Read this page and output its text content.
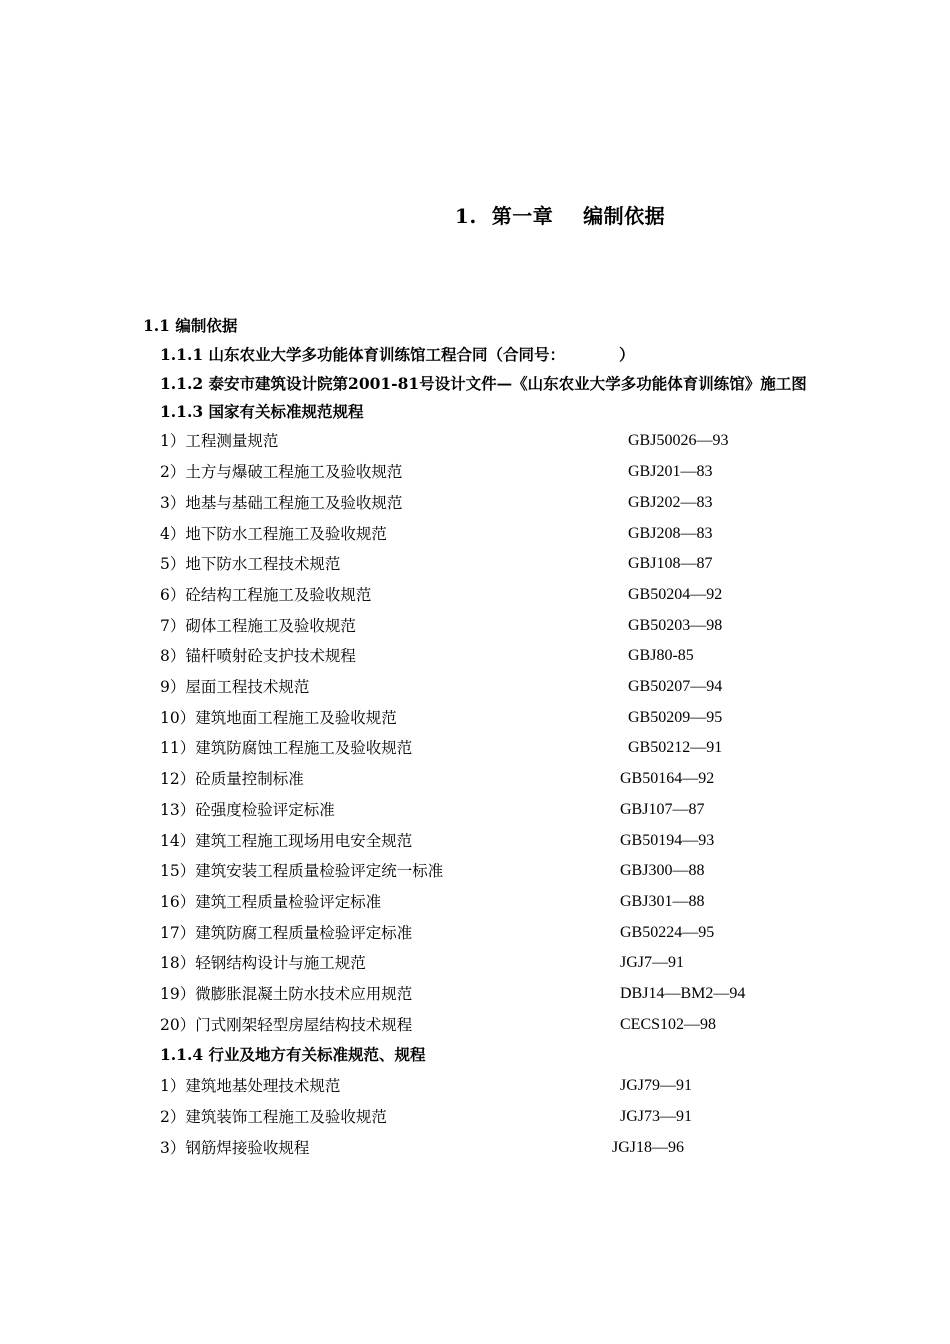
1.  第一章    编制依据
1.1 编制依据
1.1.1 山东农业大学多功能体育训练馆工程合同（合同号：          ）
1.1.2 泰安市建筑设计院第2001-81号设计文件—《山东农业大学多功能体育训练馆》施工图
1.1.3 国家有关标准规范规程
1）工程测量规范	GBJ50026—93
2）土方与爆破工程施工及验收规范	GBJ201—83
3）地基与基础工程施工及验收规范	GBJ202—83
4）地下防水工程施工及验收规范	GBJ208—83
5）地下防水工程技术规范	GBJ108—87
6）砼结构工程施工及验收规范	GB50204—92
7）砌体工程施工及验收规范	GB50203—98
8）锚杆喷射砼支护技术规程	GBJ80-85
9）屋面工程技术规范	GB50207—94
10）建筑地面工程施工及验收规范	GB50209—95
11）建筑防腐蚀工程施工及验收规范	GB50212—91
12）砼质量控制标准	GB50164—92
13）砼强度检验评定标准	GBJ107—87
14）建筑工程施工现场用电安全规范	GB50194—93
15）建筑安装工程质量检验评定统一标准	GBJ300—88
16）建筑工程质量检验评定标准	GBJ301—88
17）建筑防腐工程质量检验评定标准	GB50224—95
18）轻钢结构设计与施工规范	JGJ7—91
19）微膨胀混凝土防水技术应用规范	DBJ14—BM2—94
20）门式刚架轻型房屋结构技术规程	CECS102—98
1.1.4 行业及地方有关标准规范、规程
1）建筑地基处理技术规范	JGJ79—91
2）建筑装饰工程施工及验收规范	JGJ73—91
3）钢筋焊接验收规程	JGJ18—96
